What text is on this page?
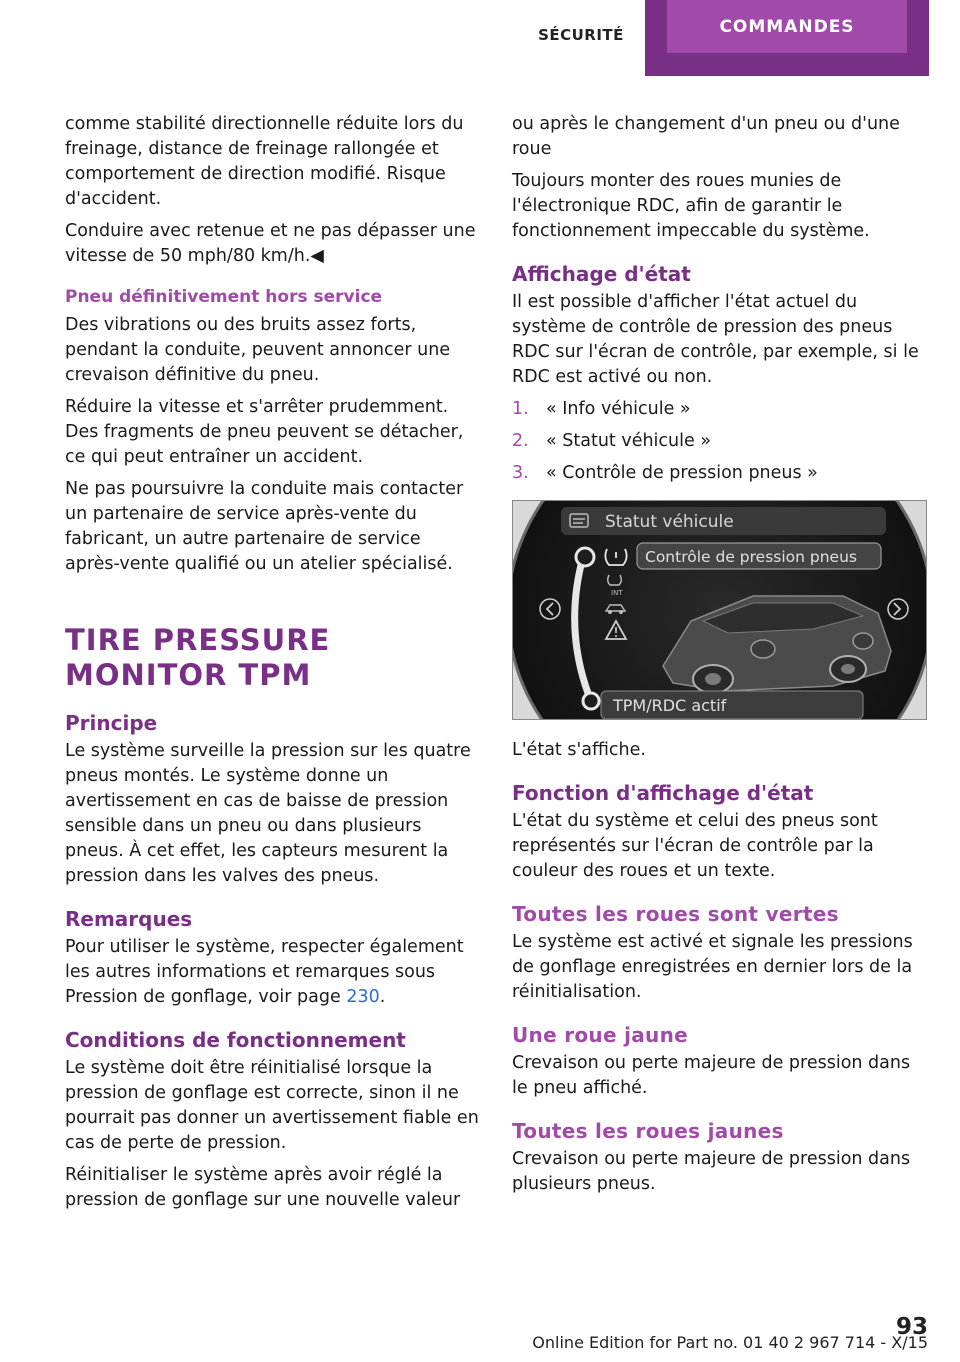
SÉCURITÉ	COMMANDES

comme stabilité directionnelle réduite lors du freinage, distance de freinage rallongée et comportement de direction modifié. Risque d'accident.

Conduire avec retenue et ne pas dépasser une vitesse de 50 mph/80 km/h.◀

Pneu définitivement hors service

Des vibrations ou des bruits assez forts, pendant la conduite, peuvent annoncer une crevaison définitive du pneu.

Réduire la vitesse et s'arrêter prudemment. Des fragments de pneu peuvent se détacher, ce qui peut entraîner un accident.

Ne pas poursuivre la conduite mais contacter un partenaire de service après-vente du fabricant, un autre partenaire de service après-vente qualifié ou un atelier spécialisé.

TIRE PRESSURE MONITOR TPM
Principe

Le système surveille la pression sur les quatre pneus montés. Le système donne un avertissement en cas de baisse de pression sensible dans un pneu ou dans plusieurs pneus. À cet effet, les capteurs mesurent la pression dans les valves des pneus.

Remarques

Pour utiliser le système, respecter également les autres informations et remarques sous Pression de gonflage, voir page 230.

Conditions de fonctionnement

Le système doit être réinitialisé lorsque la pression de gonflage est correcte, sinon il ne pourrait pas donner un avertissement fiable en cas de perte de pression.

Réinitialiser le système après avoir réglé la pression de gonflage sur une nouvelle valeur

ou après le changement d'un pneu ou d'une roue

Toujours monter des roues munies de l'électronique RDC, afin de garantir le fonctionnement impeccable du système.

Affichage d'état

Il est possible d'afficher l'état actuel du système de contrôle de pression des pneus RDC sur l'écran de contrôle, par exemple, si le RDC est activé ou non.

1. « Info véhicule »
2. « Statut véhicule »
3. « Contrôle de pression pneus »
Statut véhicule
Contrôle de pression pneus
INT
TPM/RDC actif

L'état s'affiche.

Fonction d'affichage d'état

L'état du système et celui des pneus sont représentés sur l'écran de contrôle par la couleur des roues et un texte.

Toutes les roues sont vertes

Le système est activé et signale les pressions de gonflage enregistrées en dernier lors de la réinitialisation.

Une roue jaune

Crevaison ou perte majeure de pression dans le pneu affiché.

Toutes les roues jaunes

Crevaison ou perte majeure de pression dans plusieurs pneus.

93
Online Edition for Part no. 01 40 2 967 714 - X/15
